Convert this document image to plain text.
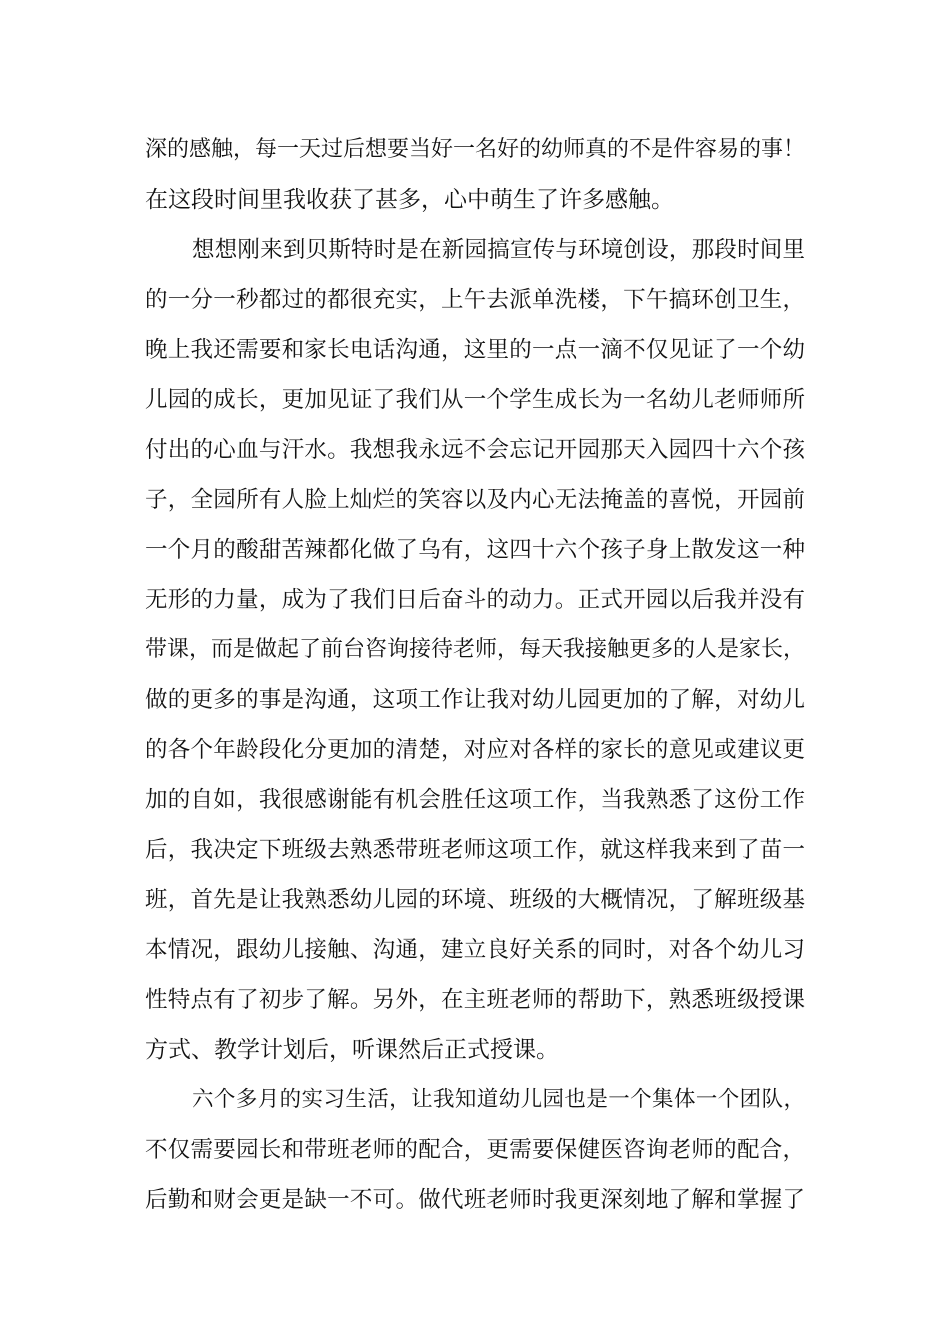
深的感触，每一天过后想要当好一名好的幼师真的不是件容易的事！
在这段时间里我收获了甚多，心中萌生了许多感触。
想想刚来到贝斯特时是在新园搞宣传与环境创设，那段时间里
的一分一秒都过的都很充实，上午去派单洗楼，下午搞环创卫生，
晚上我还需要和家长电话沟通，这里的一点一滴不仅见证了一个幼
儿园的成长，更加见证了我们从一个学生成长为一名幼儿老师师所
付出的心血与汗水。我想我永远不会忘记开园那天入园四十六个孩
子，全园所有人脸上灿烂的笑容以及内心无法掩盖的喜悦，开园前
一个月的酸甜苦辣都化做了乌有，这四十六个孩子身上散发这一种
无形的力量，成为了我们日后奋斗的动力。正式开园以后我并没有
带课，而是做起了前台咨询接待老师，每天我接触更多的人是家长，
做的更多的事是沟通，这项工作让我对幼儿园更加的了解，对幼儿
的各个年龄段化分更加的清楚，对应对各样的家长的意见或建议更
加的自如，我很感谢能有机会胜任这项工作，当我熟悉了这份工作
后，我决定下班级去熟悉带班老师这项工作，就这样我来到了苗一
班，首先是让我熟悉幼儿园的环境、班级的大概情况，了解班级基
本情况，跟幼儿接触、沟通，建立良好关系的同时，对各个幼儿习
性特点有了初步了解。另外，在主班老师的帮助下，熟悉班级授课
方式、教学计划后，听课然后正式授课。
六个多月的实习生活，让我知道幼儿园也是一个集体一个团队，
不仅需要园长和带班老师的配合，更需要保健医咨询老师的配合，
后勤和财会更是缺一不可。做代班老师时我更深刻地了解和掌握了
